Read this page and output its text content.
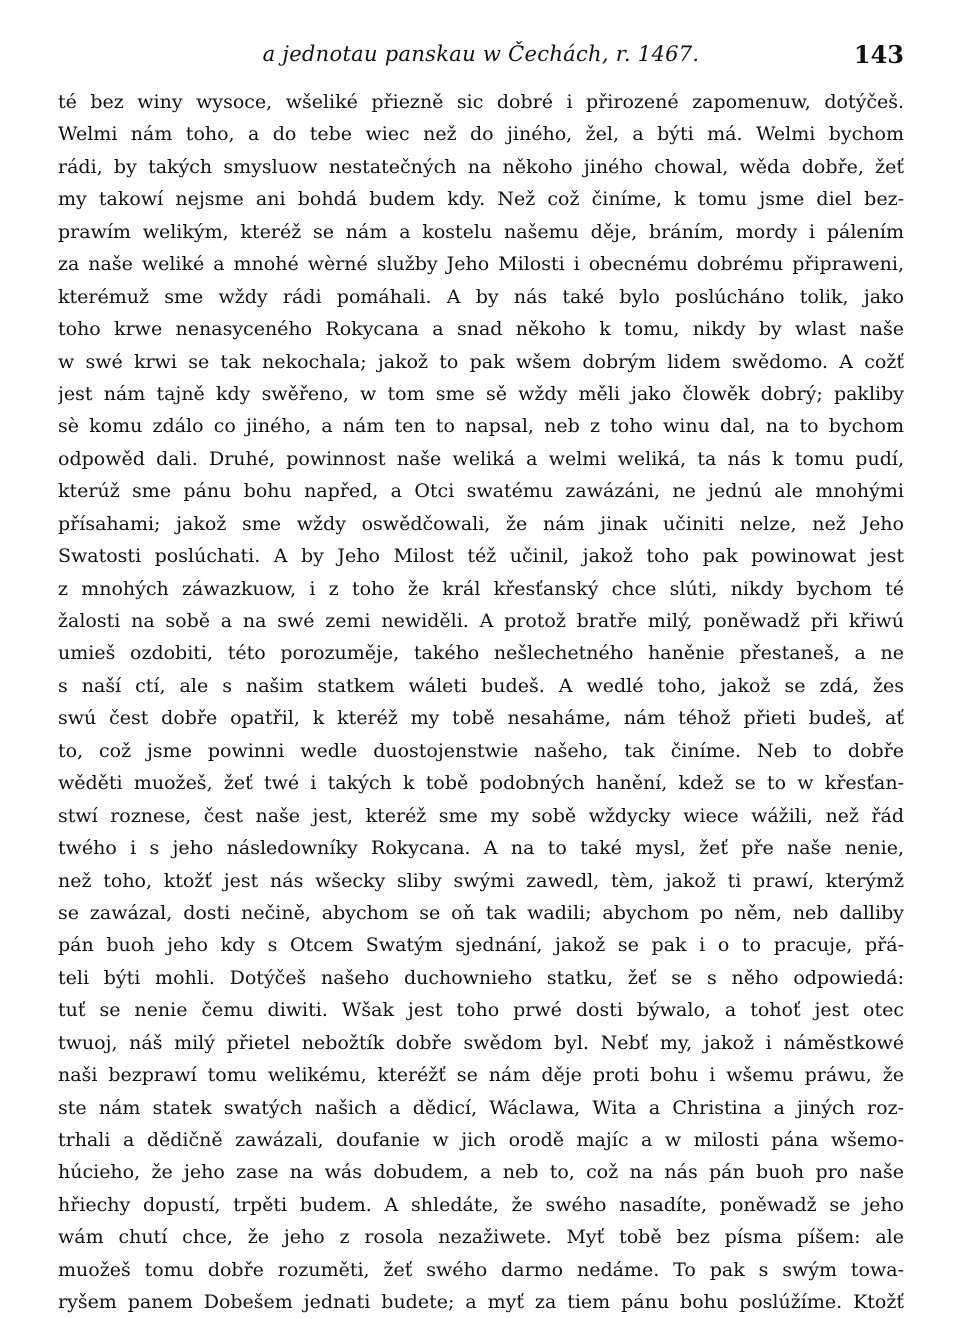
a jednotau panskau w Čechách, r. 1467.	143
té bez winy wysoce, wšeliké přiezně sic dobré i přirozené zapomenuw, dotýčeš.
Welmi nám toho, a do tebe wiec než do jiného, žel, a býti má. Welmi bychom
rádi, by takých smysluow nestatečných na někoho jiného chowal, wěda dobře, žeť
my takowí nejsme ani bohdá budem kdy. Než což činíme, k tomu jsme diel bez-
prawím welikým, kteréž se nám a kostelu našemu děje, bráním, mordy i pálením
za naše weliké a mnohé wèrné služby Jeho Milosti i obecnému dobrému připraweni,
kterémuž sme wždy rádi pomáhali. A by nás také bylo poslúcháno tolik, jako
toho krwe nenasyceného Rokycana a snad někoho k tomu, nikdy by wlast naše
w swé krwi se tak nekochala; jakož to pak wšem dobrým lidem swědomo. A cožť
jest nám tajně kdy swěřeno, w tom sme sě wždy měli jako člowěk dobrý; pakliby
sè komu zdálo co jiného, a nám ten to napsal, neb z toho winu dal, na to bychom
odpowěd dali. Druhé, powinnost naše weliká a welmi weliká, ta nás k tomu pudí,
kterúž sme pánu bohu napřed, a Otci swatému zawázáni, ne jednú ale mnohými
přísahami; jakož sme wždy oswědčowali, že nám jinak učiniti nelze, než Jeho
Swatosti poslúchati. A by Jeho Milost též učinil, jakož toho pak powinowat jest
z mnohých záwazkuow, i z toho že král křesťanský chce slúti, nikdy bychom té
žalosti na sobě a na swé zemi newiděli. A protož bratře milý, poněwadž při křiwú
umieš ozdobiti, této porozuměje, takého nešlechetného haněnie přestaneš, a ne
s naší ctí, ale s našim statkem wáleti budeš. A wedlé toho, jakož se zdá, žes
swú čest dobře opatřil, k kteréž my tobě nesaháme, nám téhož přieti budeš, ať
to, což jsme powinni wedle duostojenstwie našeho, tak činíme. Neb to dobře
wěděti muožeš, žeť twé i takých k tobě podobných hanění, kdež se to w křesťan-
stwí roznese, čest naše jest, kteréž sme my sobě wždycky wiece wážili, než řád
twého i s jeho následowníky Rokycana. A na to také mysl, žeť pře naše nenie,
než toho, ktožť jest nás wšecky sliby swými zawedl, tèm, jakož ti prawí, kterýmž
se zawázal, dosti nečině, abychom se oň tak wadili; abychom po něm, neb dalliby
pán buoh jeho kdy s Otcem Swatým sjednání, jakož se pak i o to pracuje, přá-
teli býti mohli. Dotýčeš našeho duchownieho statku, žeť se s něho odpowiedá:
tuť se nenie čemu diwiti. Wšak jest toho prwé dosti býwalo, a tohoť jest otec
twuoj, náš milý přietel nebožtík dobře swědom byl. Nebť my, jakož i náměstkowé
naši bezprawí tomu welikému, kteréžť se nám děje proti bohu i wšemu práwu, že
ste nám statek swatých našich a dědicí, Wáclawa, Wita a Christina a jiných roz-
trhali a dědičně zawázali, doufanie w jich orodě majíc a w milosti pána wšemo-
húcieho, že jeho zase na wás dobudem, a neb to, což na nás pán buoh pro naše
hřiechy dopustí, trpěti budem. A shledáte, že swého nasadíte, poněwadž se jeho
wám chutí chce, že jeho z rosola nezažiwete. Myť tobě bez písma píšem: ale
muožeš tomu dobře rozuměti, žeť swého darmo nedáme. To pak s swým towa-
ryšem panem Dobešem jednati budete; a myť za tiem pánu bohu poslúžíme. Ktožť
